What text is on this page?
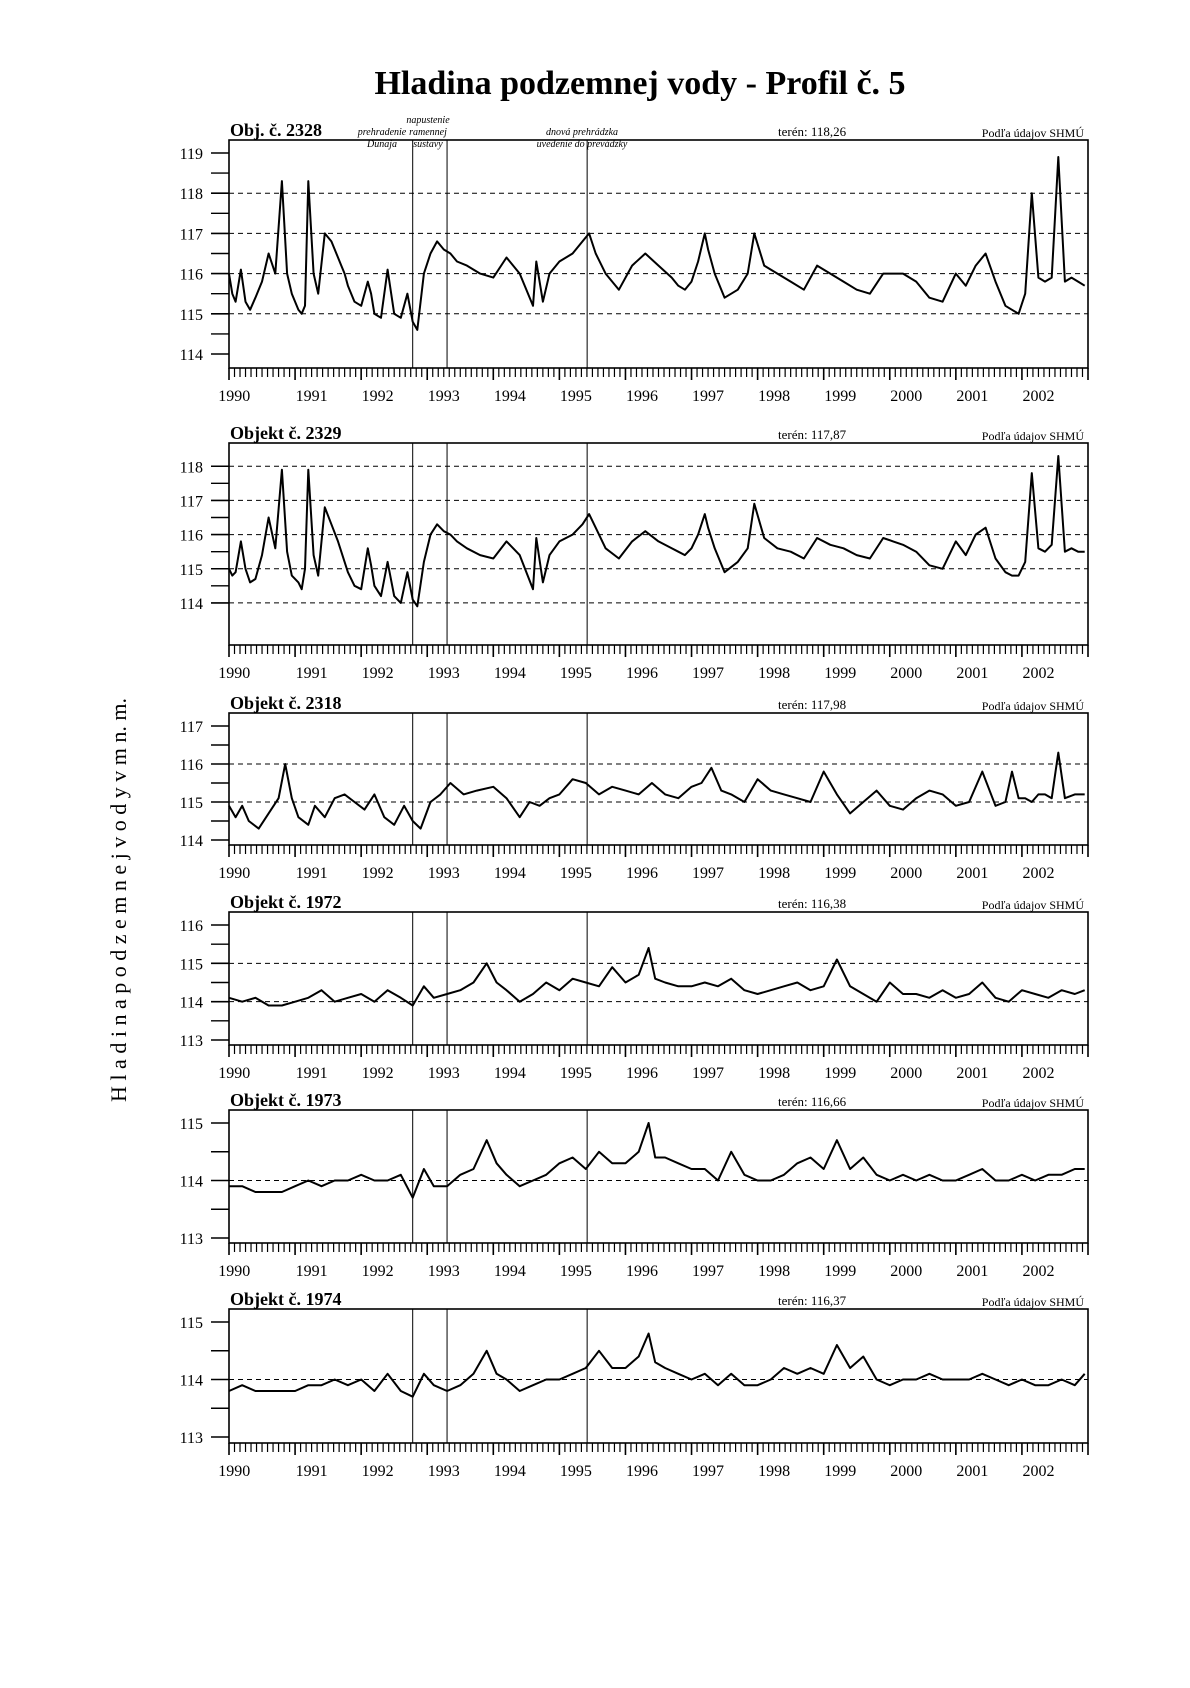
Hladina podzemnej vody - Profil č. 5
H l a d i n a p o d z e m n e j v o d y v m n. m.
prehradenie
Dunaja
napustenie
ramennej
sústavy
dnová prehrádzka
uvedenie do prevádzky
114
115
116
117
118
119
1990	1991 1992 1993 1994 1995 1996 1997 1998 1999 2000 2001 2002
Obj. č. 2328	terén: 118,26	Podľa údajov SHMÚ
114
115
116
117
118
1990	1991 1992 1993 1994 1995 1996 1997 1998 1999 2000 2001 2002
Objekt č. 2329	terén: 117,87	Podľa údajov SHMÚ
114
115
116
117
1990	1991 1992 1993 1994 1995 1996 1997 1998 1999 2000 2001 2002
Objekt č. 2318	terén: 117,98	Podľa údajov SHMÚ
113
114
115
116
1990	1991 1992 1993 1994 1995 1996 1997 1998 1999 2000 2001 2002
Objekt č. 1972	terén: 116,38	Podľa údajov SHMÚ
113
114
115
1990	1991 1992 1993 1994 1995 1996 1997 1998 1999 2000 2001 2002
Objekt č. 1973	terén: 116,66	Podľa údajov SHMÚ
113
114
115
1990	1991 1992 1993 1994 1995 1996 1997 1998 1999 2000 2001 2002
Objekt č. 1974	terén: 116,37	Podľa údajov SHMÚ
